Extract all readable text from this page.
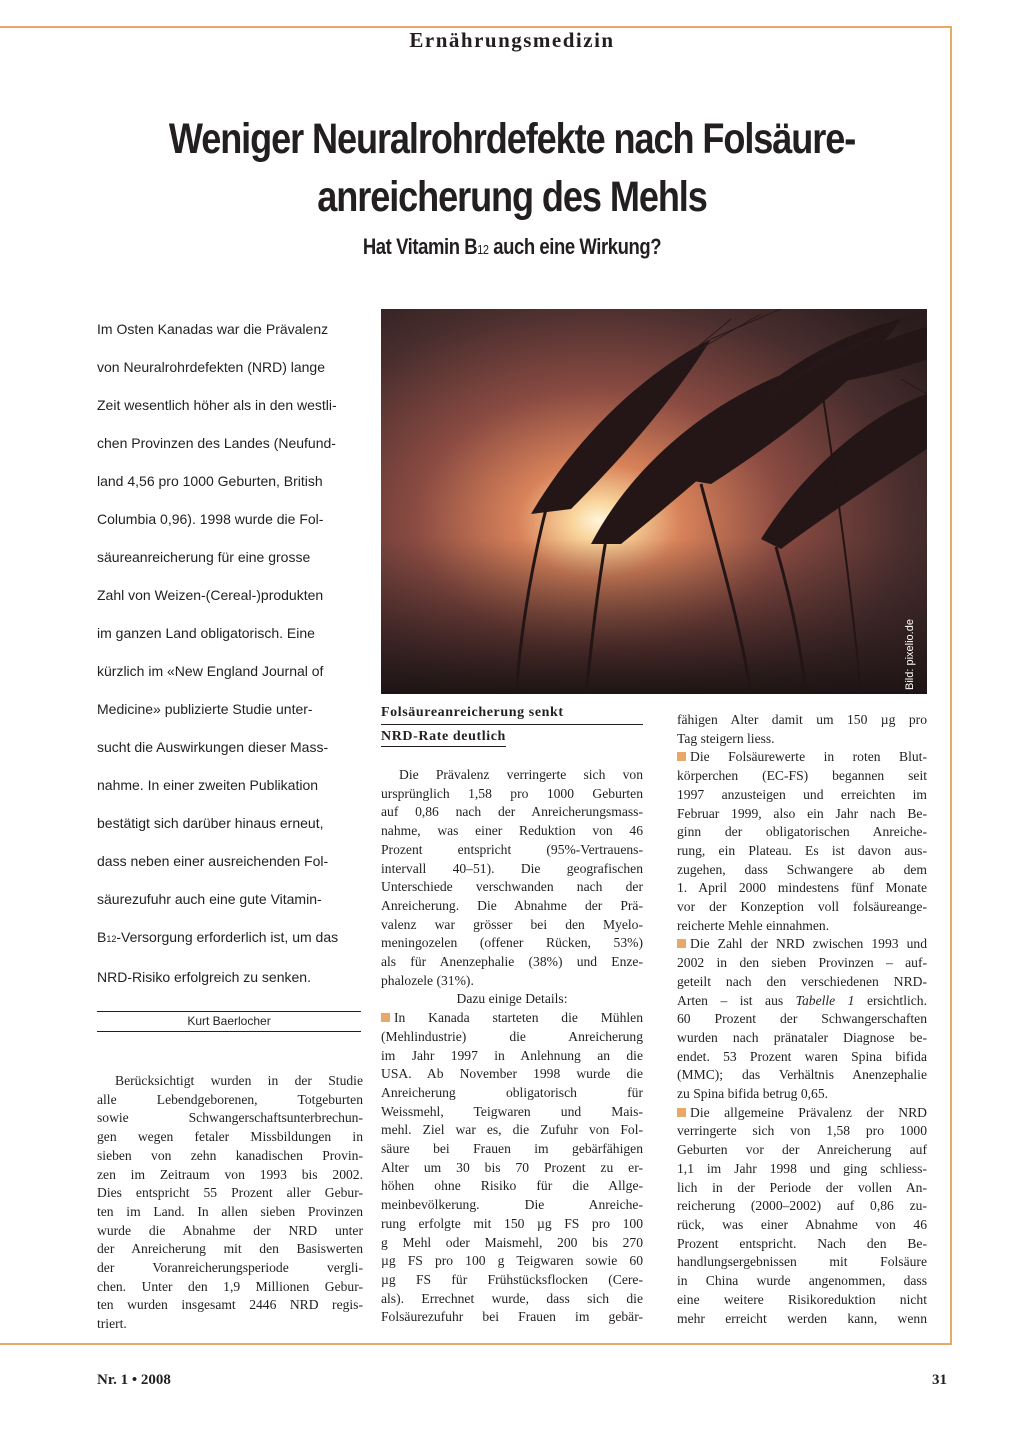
Ernährungsmedizin
Weniger Neuralrohrdefekte nach Folsäure-
anreicherung des Mehls
Hat Vitamin B12 auch eine Wirkung?
Im Osten Kanadas war die Prävalenz
von Neuralrohrdefekten (NRD) lange
Zeit wesentlich höher als in den westli-
chen Provinzen des Landes (Neufund-
land 4,56 pro 1000 Geburten, British
Columbia 0,96). 1998 wurde die Fol-
säureanreicherung für eine grosse
Zahl von Weizen-(Cereal-)produkten
im ganzen Land obligatorisch. Eine
kürzlich im «New England Journal of
Medicine» publizierte Studie unter-
sucht die Auswirkungen dieser Mass-
nahme. In einer zweiten Publikation
bestätigt sich darüber hinaus erneut,
dass neben einer ausreichenden Fol-
säurezufuhr auch eine gute Vitamin-
B12-Versorgung erforderlich ist, um das
NRD-Risiko erfolgreich zu senken.
Kurt Baerlocher
Bild: pixelio.de
Folsäureanreicherung senkt
NRD-Rate deutlich
Berücksichtigt wurden in der Studie
alle Lebendgeborenen, Totgeburten
sowie Schwangerschaftsunterbrechun-
gen wegen fetaler Missbildungen in
sieben von zehn kanadischen Provin-
zen im Zeitraum von 1993 bis 2002.
Dies entspricht 55 Prozent aller Gebur-
ten im Land. In allen sieben Provinzen
wurde die Abnahme der NRD unter
der Anreicherung mit den Basiswerten
der Voranreicherungsperiode vergli-
chen. Unter den 1,9 Millionen Gebur-
ten wurden insgesamt 2446 NRD regis-
triert.
Die Prävalenz verringerte sich von
ursprünglich 1,58 pro 1000 Geburten
auf 0,86 nach der Anreicherungsmass-
nahme, was einer Reduktion von 46
Prozent entspricht (95%-Vertrauens-
intervall 40–51). Die geografischen
Unterschiede verschwanden nach der
Anreicherung. Die Abnahme der Prä-
valenz war grösser bei den Myelo-
meningozelen (offener Rücken, 53%)
als für Anenzephalie (38%) und Enze-
phalozele (31%).
Dazu einige Details:
In Kanada starteten die Mühlen
(Mehlindustrie) die Anreicherung
im Jahr 1997 in Anlehnung an die
USA. Ab November 1998 wurde die
Anreicherung obligatorisch für
Weissmehl, Teigwaren und Mais-
mehl. Ziel war es, die Zufuhr von Fol-
säure bei Frauen im gebärfähigen
Alter um 30 bis 70 Prozent zu er-
höhen ohne Risiko für die Allge-
meinbevölkerung. Die Anreiche-
rung erfolgte mit 150 µg FS pro 100
g Mehl oder Maismehl, 200 bis 270
µg FS pro 100 g Teigwaren sowie 60
µg FS für Frühstücksflocken (Cere-
als). Errechnet wurde, dass sich die
Folsäurezufuhr bei Frauen im gebär-
fähigen Alter damit um 150 µg pro
Tag steigern liess.
Die Folsäurewerte in roten Blut-
körperchen (EC-FS) begannen seit
1997 anzusteigen und erreichten im
Februar 1999, also ein Jahr nach Be-
ginn der obligatorischen Anreiche-
rung, ein Plateau. Es ist davon aus-
zugehen, dass Schwangere ab dem
1. April 2000 mindestens fünf Monate
vor der Konzeption voll folsäureange-
reicherte Mehle einnahmen.
Die Zahl der NRD zwischen 1993 und
2002 in den sieben Provinzen – auf-
geteilt nach den verschiedenen NRD-
Arten – ist aus Tabelle 1 ersichtlich.
60 Prozent der Schwangerschaften
wurden nach pränataler Diagnose be-
endet. 53 Prozent waren Spina bifida
(MMC); das Verhältnis Anenzephalie
zu Spina bifida betrug 0,65.
Die allgemeine Prävalenz der NRD
verringerte sich von 1,58 pro 1000
Geburten vor der Anreicherung auf
1,1 im Jahr 1998 und ging schliess-
lich in der Periode der vollen An-
reicherung (2000–2002) auf 0,86 zu-
rück, was einer Abnahme von 46
Prozent entspricht. Nach den Be-
handlungsergebnissen mit Folsäure
in China wurde angenommen, dass
eine weitere Risikoreduktion nicht
mehr erreicht werden kann, wenn
Nr. 1 • 2008	31
